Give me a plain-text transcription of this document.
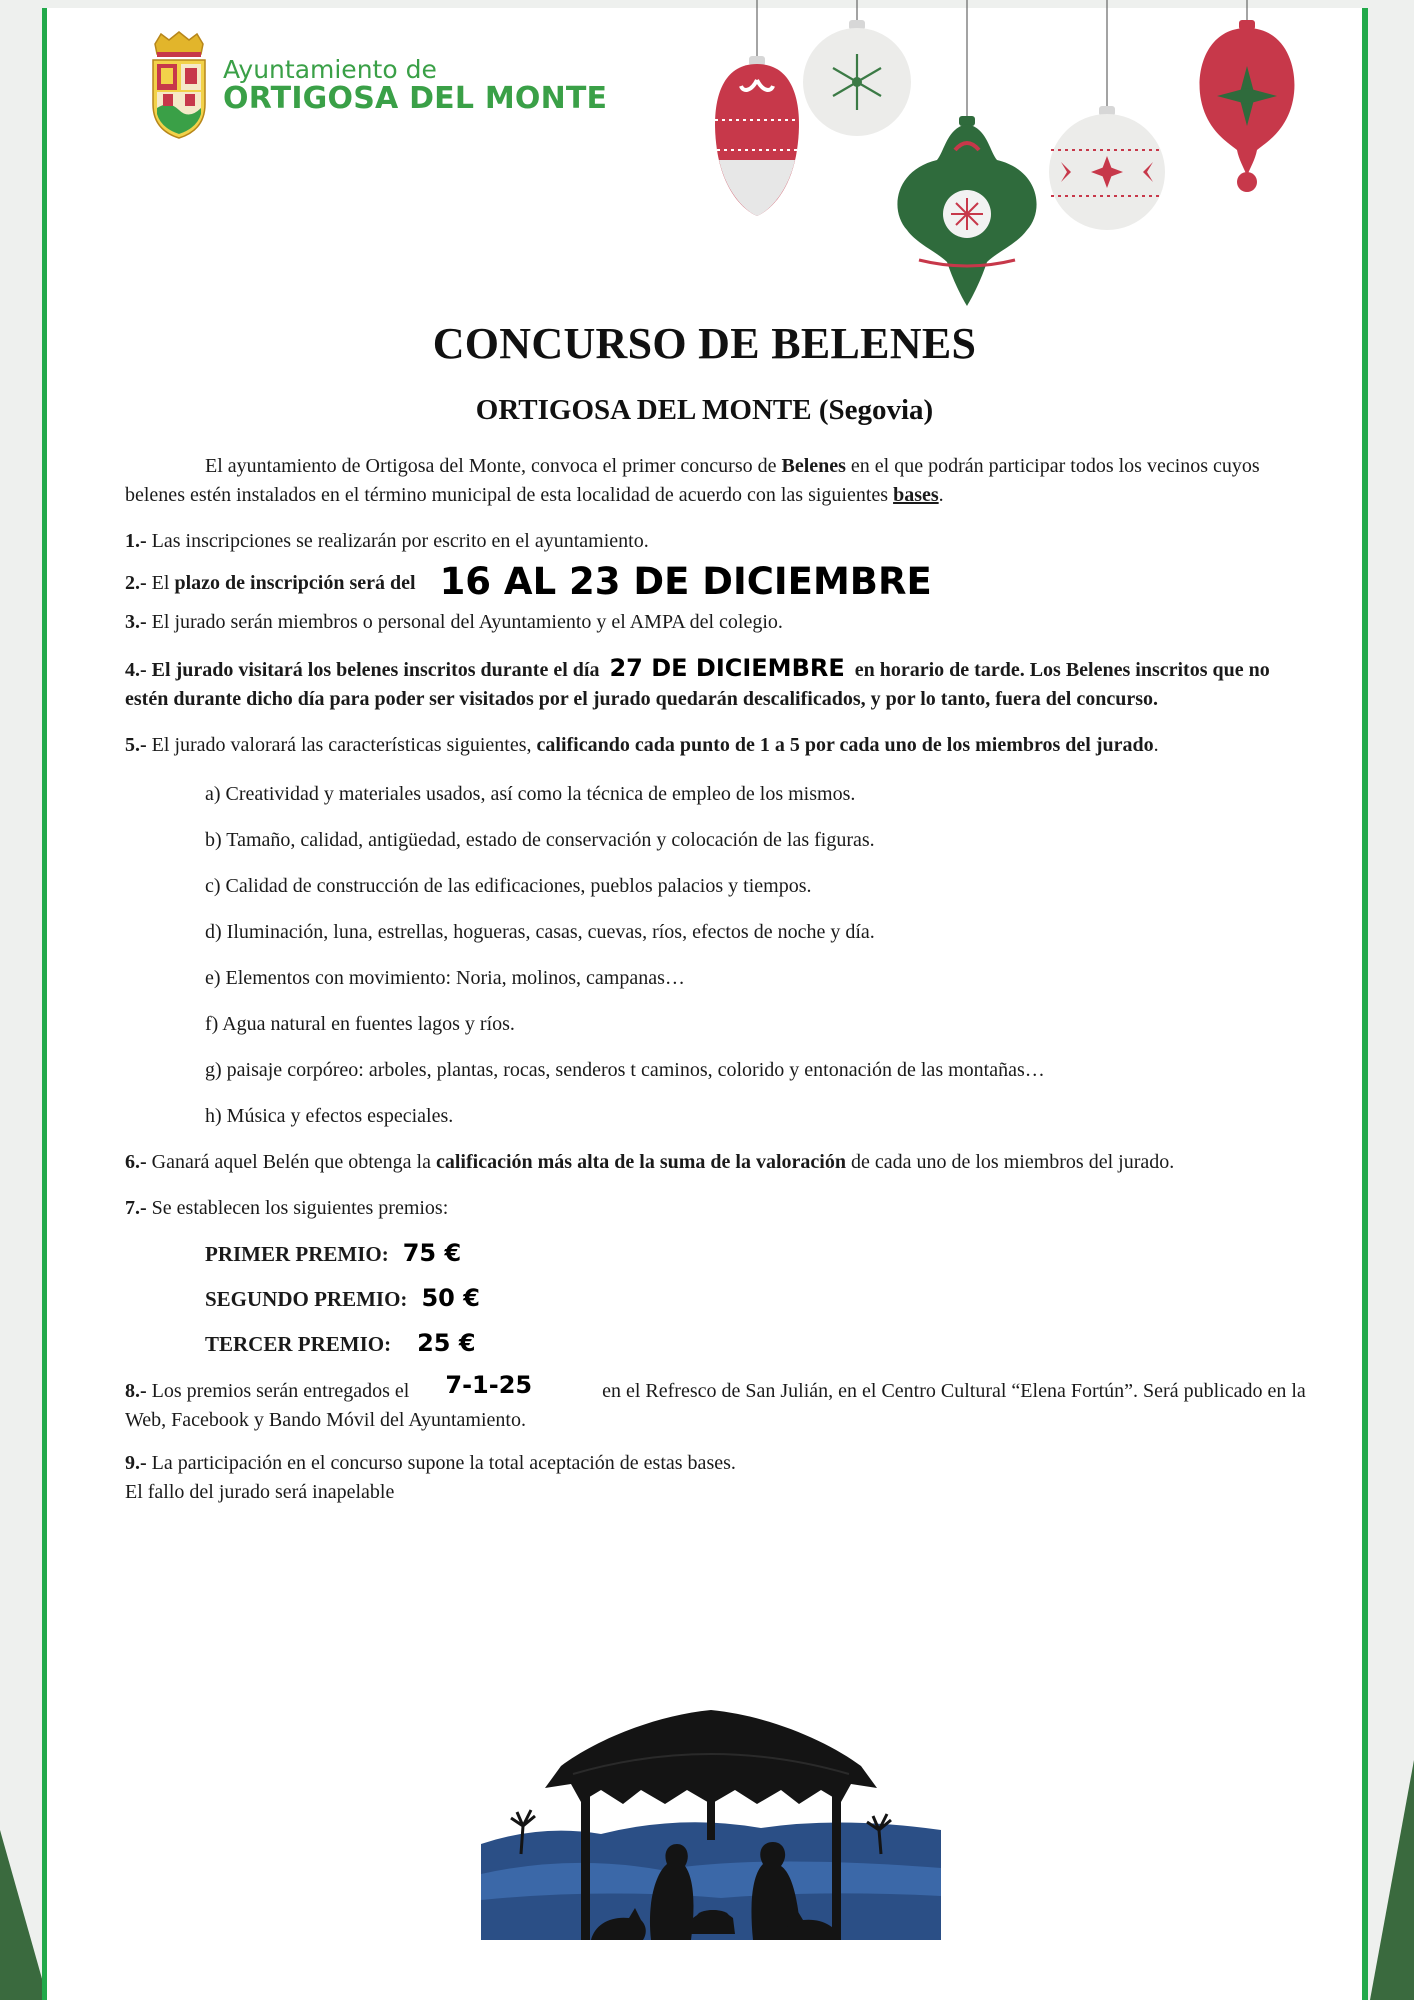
Ayuntamiento de
ORTIGOSA DEL MONTE
CONCURSO DE BELENES
ORTIGOSA DEL MONTE (Segovia)

El ayuntamiento de Ortigosa del Monte, convoca el primer concurso de Belenes en el que podrán participar todos los vecinos cuyos belenes estén instalados en el término municipal de esta localidad de acuerdo con las siguientes bases.

1.- Las inscripciones se realizarán por escrito en el ayuntamiento.

2.- El plazo de inscripción será del 16 AL 23 DE DICIEMBRE

3.- El jurado serán miembros o personal del Ayuntamiento y el AMPA del colegio.

4.- El jurado visitará los belenes inscritos durante el día 27 DE DICIEMBRE en horario de tarde. Los Belenes inscritos que no estén durante dicho día para poder ser visitados por el jurado quedarán descalificados, y por lo tanto, fuera del concurso.

5.- El jurado valorará las características siguientes, calificando cada punto de 1 a 5 por cada uno de los miembros del jurado.

a) Creatividad y materiales usados, así como la técnica de empleo de los mismos.

b) Tamaño, calidad, antigüedad, estado de conservación y colocación de las figuras.

c) Calidad de construcción de las edificaciones, pueblos palacios y tiempos.

d) Iluminación, luna, estrellas, hogueras, casas, cuevas, ríos, efectos de noche y día.

e) Elementos con movimiento: Noria, molinos, campanas…

f) Agua natural en fuentes lagos y ríos.

g) paisaje corpóreo: arboles, plantas, rocas, senderos t caminos, colorido y entonación de las montañas…

h) Música y efectos especiales.

6.- Ganará aquel Belén que obtenga la calificación más alta de la suma de la valoración de cada uno de los miembros del jurado.

7.- Se establecen los siguientes premios:

PRIMER PREMIO: 75 €

SEGUNDO PREMIO: 50 €

TERCER PREMIO: 25 €

8.- Los premios serán entregados el 7-1-25	en el Refresco de San Julián, en el Centro Cultural “Elena Fortún”. Será publicado en la Web, Facebook y Bando Móvil del Ayuntamiento.

9.- La participación en el concurso supone la total aceptación de estas bases.

El fallo del jurado será inapelable
